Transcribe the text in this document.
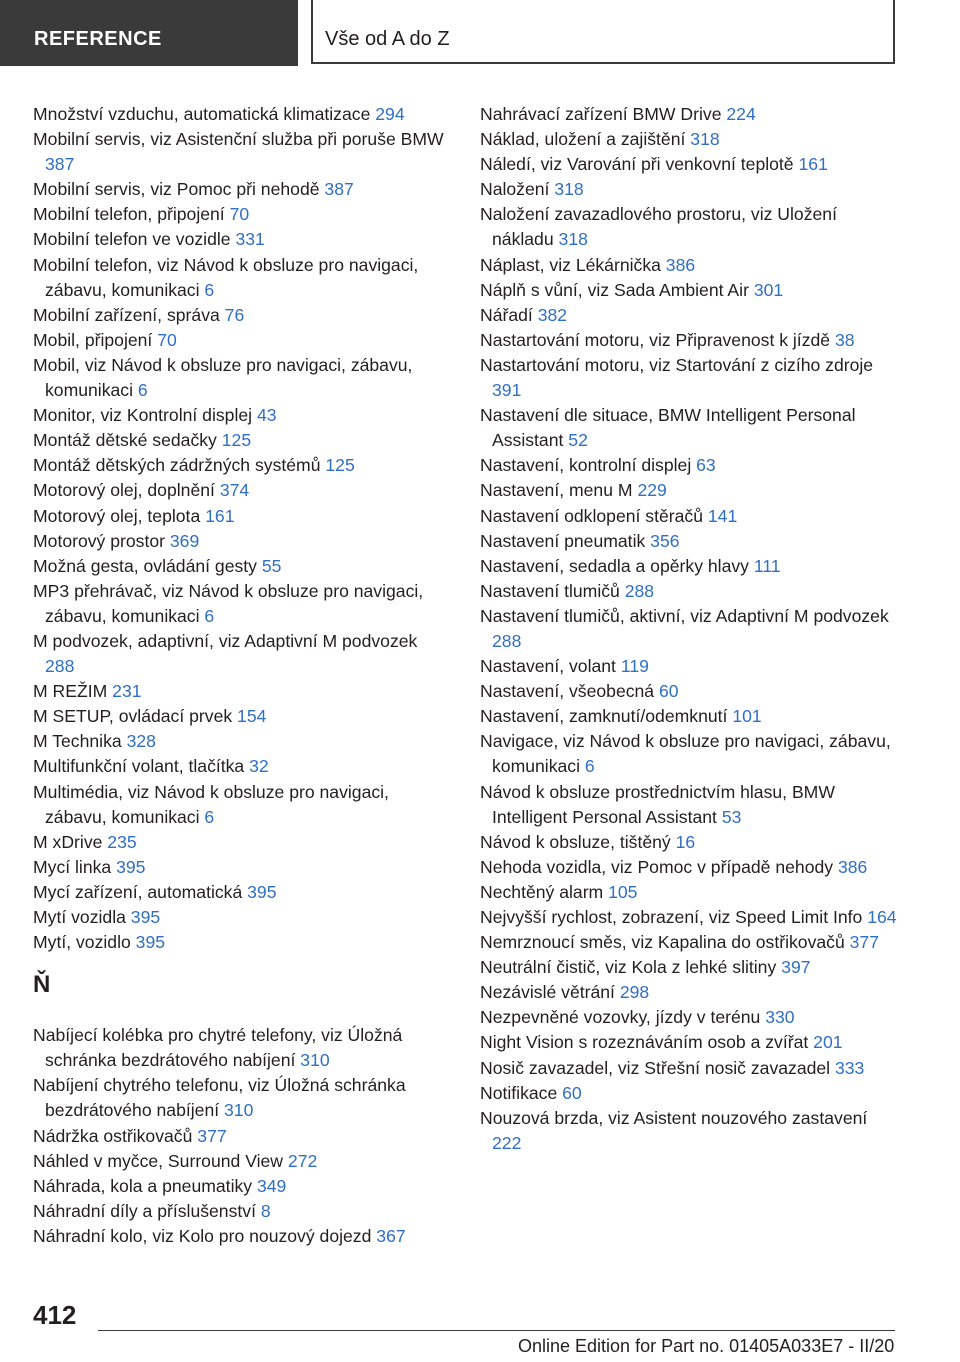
REFERENCE	Vše od A do Z
Množství vzduchu, automatická klimatizace 294
Mobilní servis, viz Asistenční služba při poruše BMW 387
Mobilní servis, viz Pomoc při nehodě 387
Mobilní telefon, připojení 70
Mobilní telefon ve vozidle 331
Mobilní telefon, viz Návod k obsluze pro navigaci, zábavu, komunikaci 6
Mobilní zařízení, správa 76
Mobil, připojení 70
Mobil, viz Návod k obsluze pro navigaci, zábavu, komunikaci 6
Monitor, viz Kontrolní displej 43
Montáž dětské sedačky 125
Montáž dětských zádržných systémů 125
Motorový olej, doplnění 374
Motorový olej, teplota 161
Motorový prostor 369
Možná gesta, ovládání gesty 55
MP3 přehrávač, viz Návod k obsluze pro navigaci, zábavu, komunikaci 6
M podvozek, adaptivní, viz Adaptivní M podvozek 288
M REŽIM 231
M SETUP, ovládací prvek 154
M Technika 328
Multifunkční volant, tlačítka 32
Multimédia, viz Návod k obsluze pro navigaci, zábavu, komunikaci 6
M xDrive 235
Mycí linka 395
Mycí zařízení, automatická 395
Mytí vozidla 395
Mytí, vozidlo 395
Ň
Nabíjecí kolébka pro chytré telefony, viz Úložná schránka bezdrátového nabíjení 310
Nabíjení chytrého telefonu, viz Úložná schránka bezdrátového nabíjení 310
Nádržka ostřikovačů 377
Náhled v myčce, Surround View 272
Náhrada, kola a pneumatiky 349
Náhradní díly a příslušenství 8
Náhradní kolo, viz Kolo pro nouzový dojezd 367
Nahrávací zařízení BMW Drive 224
Náklad, uložení a zajištění 318
Náledí, viz Varování při venkovní teplotě 161
Naložení 318
Naložení zavazadlového prostoru, viz Uložení nákladu 318
Náplast, viz Lékárnička 386
Náplň s vůní, viz Sada Ambient Air 301
Nářadí 382
Nastartování motoru, viz Připravenost k jízdě 38
Nastartování motoru, viz Startování z cizího zdroje 391
Nastavení dle situace, BMW Intelligent Personal Assistant 52
Nastavení, kontrolní displej 63
Nastavení, menu M 229
Nastavení odklopení stěračů 141
Nastavení pneumatik 356
Nastavení, sedadla a opěrky hlavy 111
Nastavení tlumičů 288
Nastavení tlumičů, aktivní, viz Adaptivní M podvozek 288
Nastavení, volant 119
Nastavení, všeobecná 60
Nastavení, zamknutí/odemknutí 101
Navigace, viz Návod k obsluze pro navigaci, zábavu, komunikaci 6
Návod k obsluze prostřednictvím hlasu, BMW Intelligent Personal Assistant 53
Návod k obsluze, tištěný 16
Nehoda vozidla, viz Pomoc v případě nehody 386
Nechtěný alarm 105
Nejvyšší rychlost, zobrazení, viz Speed Limit Info 164
Nemrznoucí směs, viz Kapalina do ostřikovačů 377
Neutrální čistič, viz Kola z lehké slitiny 397
Nezávislé větrání 298
Nezpevněné vozovky, jízdy v terénu 330
Night Vision s rozeznáváním osob a zvířat 201
Nosič zavazadel, viz Střešní nosič zavazadel 333
Notifikace 60
Nouzová brzda, viz Asistent nouzového zastavení 222
412
Online Edition for Part no. 01405A033E7 - II/20
